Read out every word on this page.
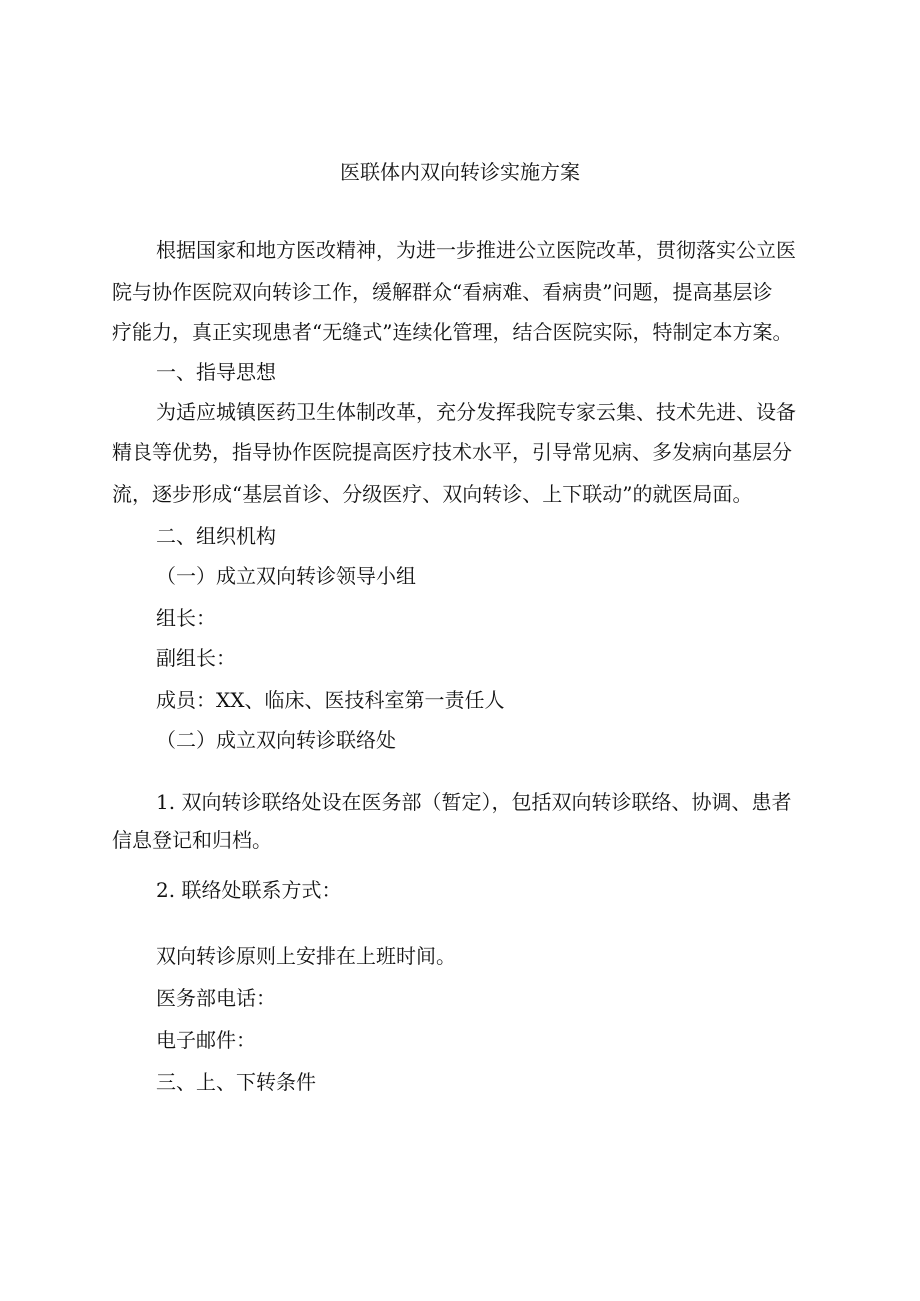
医联体内双向转诊实施方案

根据国家和地方医改精神，为进一步推进公立医院改革，贯彻落实公立医

院与协作医院双向转诊工作，缓解群众“看病难、看病贵”问题，提高基层诊

疗能力，真正实现患者“无缝式”连续化管理，结合医院实际，特制定本方案。

一、指导思想

为适应城镇医药卫生体制改革，充分发挥我院专家云集、技术先进、设备

精良等优势，指导协作医院提高医疗技术水平，引导常见病、多发病向基层分

流，逐步形成“基层首诊、分级医疗、双向转诊、上下联动”的就医局面。

二、组织机构

（一）成立双向转诊领导小组

组长：

副组长：

成员：XX、临床、医技科室第一责任人

（二）成立双向转诊联络处

1. 双向转诊联络处设在医务部（暂定），包括双向转诊联络、协调、患者

信息登记和归档。

2. 联络处联系方式：

双向转诊原则上安排在上班时间。

医务部电话：

电子邮件：

三、上、下转条件
